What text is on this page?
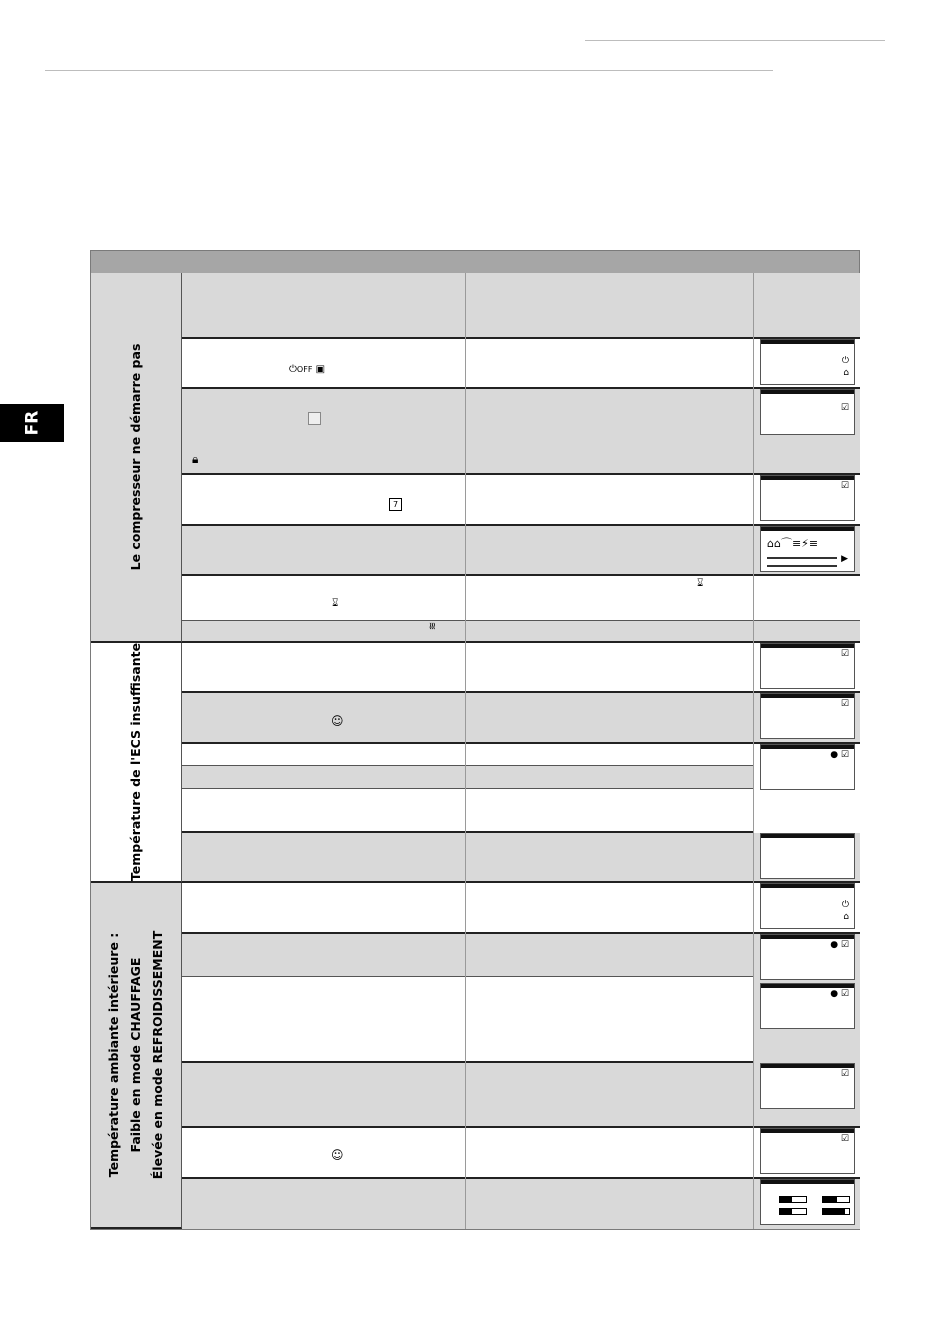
FR	Le compresseur ne démarre pas
Température de l'ECS insuffisante
Température ambiante intérieure : Faible en mode CHAUFFAGE Élevée en mode REFROIDISSEMENT
⏻OFF ▣
🔒︎
7
⌛︎
⌛︎
≋
☺︎
☺︎
⏻
⌂
☑
☑
⌂⌂⌒≡⚡≡
▶
☑
☑
● ☑
⏻
⌂
● ☑
● ☑
☑
☑
